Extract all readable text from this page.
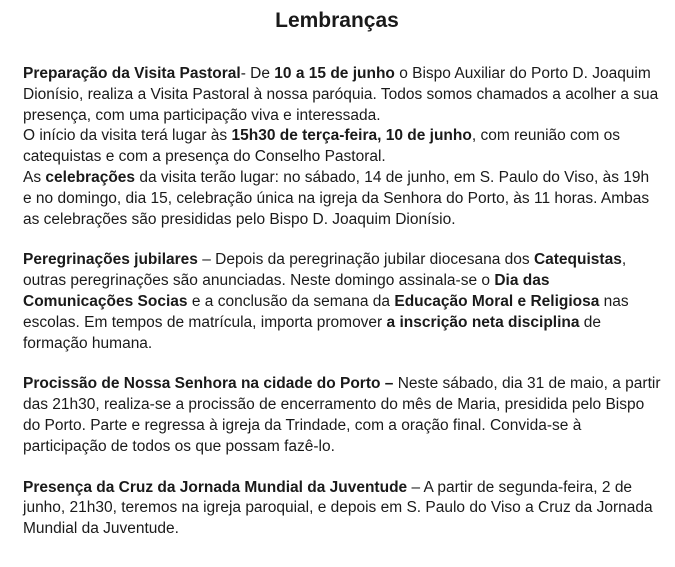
Lembranças

Preparação da Visita Pastoral- De 10 a 15 de junho o Bispo Auxiliar do Porto D. Joaquim Dionísio, realiza a Visita Pastoral à nossa paróquia. Todos somos chamados a acolher a sua presença, com uma participação viva e interessada.
O início da visita terá lugar às 15h30 de terça-feira, 10 de junho, com reunião com os catequistas e com a presença do Conselho Pastoral.
As celebrações da visita terão lugar: no sábado, 14 de junho, em S. Paulo do Viso, às 19h e no domingo, dia 15, celebração única na igreja da Senhora do Porto, às 11 horas. Ambas as celebrações são presididas pelo Bispo D. Joaquim Dionísio.

Peregrinações jubilares – Depois da peregrinação jubilar diocesana dos Catequistas, outras peregrinações são anunciadas. Neste domingo assinala-se o Dia das Comunicações Socias e a conclusão da semana da Educação Moral e Religiosa nas escolas. Em tempos de matrícula, importa promover a inscrição neta disciplina de formação humana.

Procissão de Nossa Senhora na cidade do Porto – Neste sábado, dia 31 de maio, a partir das 21h30, realiza-se a procissão de encerramento do mês de Maria, presidida pelo Bispo do Porto. Parte e regressa à igreja da Trindade, com a oração final. Convida-se à participação de todos os que possam fazê-lo.

Presença da Cruz da Jornada Mundial da Juventude – A partir de segunda-feira, 2 de junho, 21h30, teremos na igreja paroquial, e depois em S. Paulo do Viso a Cruz da Jornada Mundial da Juventude.
